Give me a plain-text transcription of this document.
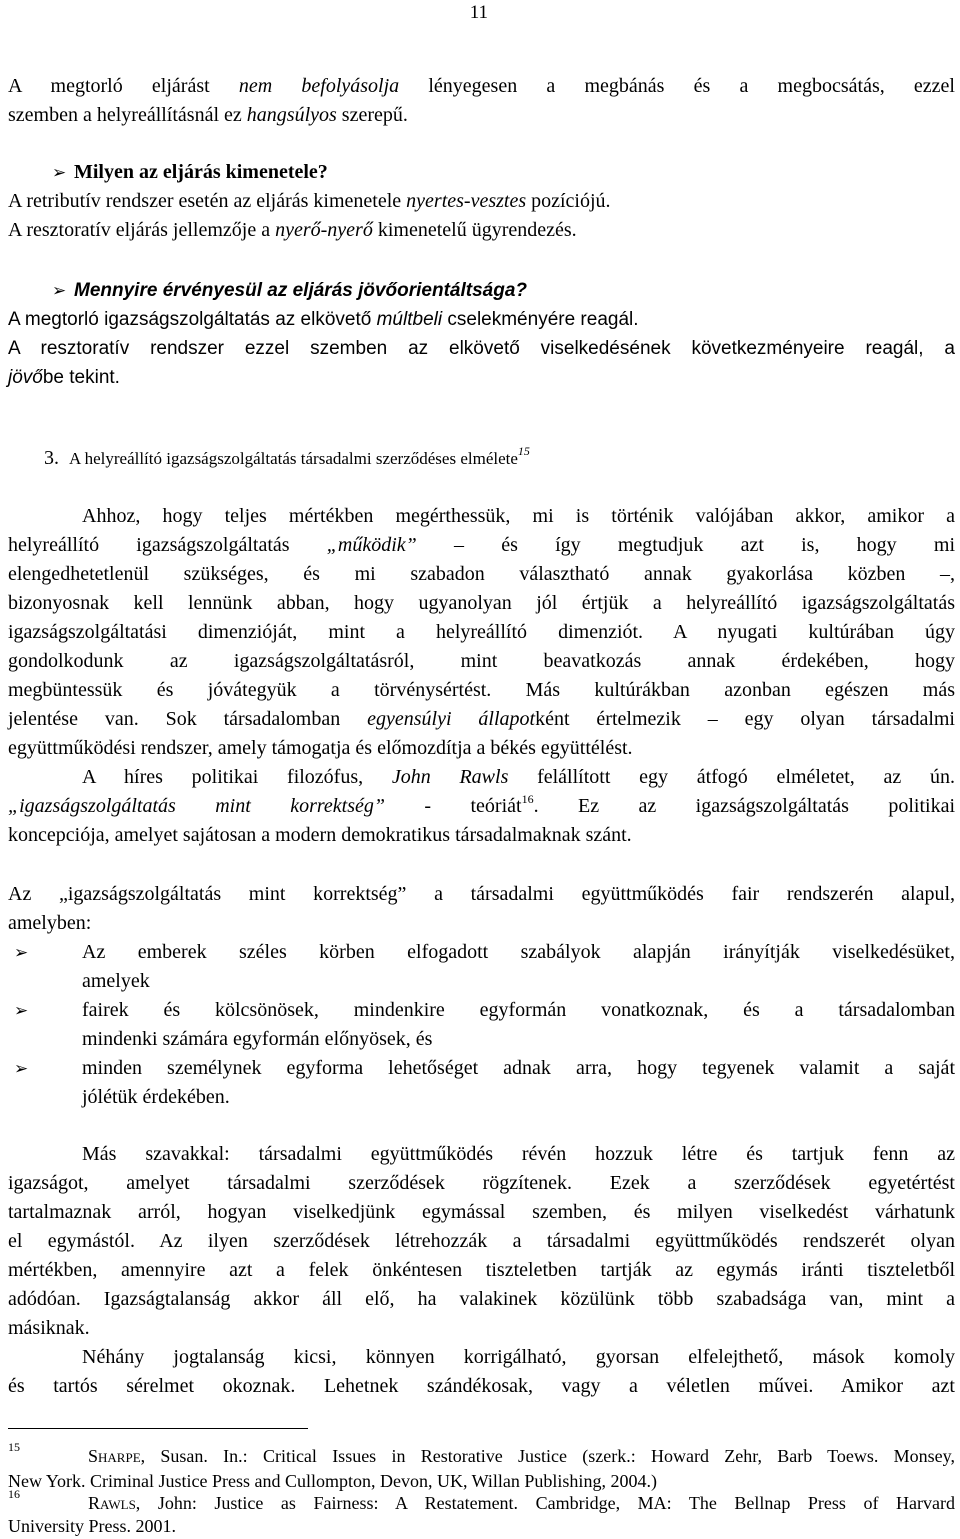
11
A megtorló eljárást nem befolyásolja lényegesen a megbánás és a megbocsátás, ezzel
szemben a helyreállításnál ez hangsúlyos szerepű.
➢ Milyen az eljárás kimenetele?
A retributív rendszer esetén az eljárás kimenetele nyertes-vesztes pozíciójú.
A resztoratív eljárás jellemzője a nyerő-nyerő kimenetelű ügyrendezés.
➢ Mennyire érvényesül az eljárás jövőorientáltsága?
A megtorló igazságszolgáltatás az elkövető múltbeli cselekményére reagál.
A resztoratív rendszer ezzel szemben az elkövető viselkedésének következményeire reagál, a
jövőbe tekint.
3. A helyreállító igazságszolgáltatás társadalmi szerződéses elmélete$^{15}$
Ahhoz, hogy teljes mértékben megérthessük, mi is történik valójában akkor, amikor a
helyreállító igazságszolgáltatás „működik” – és így megtudjuk azt is, hogy mi
elengedhetetlenül szükséges, és mi szabadon választható annak gyakorlása közben –,
bizonyosnak kell lennünk abban, hogy ugyanolyan jól értjük a helyreállító igazságszolgáltatás
igazságszolgáltatási dimenzióját, mint a helyreállító dimenziót. A nyugati kultúrában úgy
gondolkodunk az igazságszolgáltatásról, mint beavatkozás annak érdekében, hogy
megbüntessük és jóvátegyük a törvénysértést. Más kultúrákban azonban egészen más
jelentése van. Sok társadalomban egyensúlyi állapotként értelmezik – egy olyan társadalmi
együttműködési rendszer, amely támogatja és előmozdítja a békés együttélést.
A híres politikai filozófus, John Rawls felállított egy átfogó elméletet, az ún.
„igazságszolgáltatás mint korrektség” - teóriát$^{16}$. Ez az igazságszolgáltatás politikai
koncepciója, amelyet sajátosan a modern demokratikus társadalmaknak szánt.
Az „igazságszolgáltatás mint korrektség” a társadalmi együttműködés fair rendszerén alapul,
amelyben:
➢	Az emberek széles körben elfogadott szabályok alapján irányítják viselkedésüket,
amelyek
➢	fairek és kölcsönösek, mindenkire egyformán vonatkoznak, és a társadalomban
mindenki számára egyformán előnyösek, és
➢	minden személynek egyforma lehetőséget adnak arra, hogy tegyenek valamit a saját
jólétük érdekében.
Más szavakkal: társadalmi együttműködés révén hozzuk létre és tartjuk fenn az
igazságot, amelyet társadalmi szerződések rögzítenek. Ezek a szerződések egyetértést
tartalmaznak arról, hogyan viselkedjünk egymással szemben, és milyen viselkedést várhatunk
el egymástól. Az ilyen szerződések létrehozzák a társadalmi együttműködés rendszerét olyan
mértékben, amennyire azt a felek önkéntesen tiszteletben tartják az egymás iránti tiszteletből
adódóan. Igazságtalanság akkor áll elő, ha valakinek közülünk több szabadsága van, mint a
másiknak.
Néhány jogtalanság kicsi, könnyen korrigálható, gyorsan elfelejthető, mások komoly
és tartós sérelmet okoznak. Lehetnek szándékosak, vagy a véletlen művei. Amikor azt
15	Sharpe, Susan. In.: Critical Issues in Restorative Justice (szerk.: Howard Zehr, Barb Toews. Monsey,
New York. Criminal Justice Press and Cullompton, Devon, UK, Willan Publishing, 2004.)
16	Rawls, John: Justice as Fairness: A Restatement. Cambridge, MA: The Bellnap Press of Harvard
University Press. 2001.
